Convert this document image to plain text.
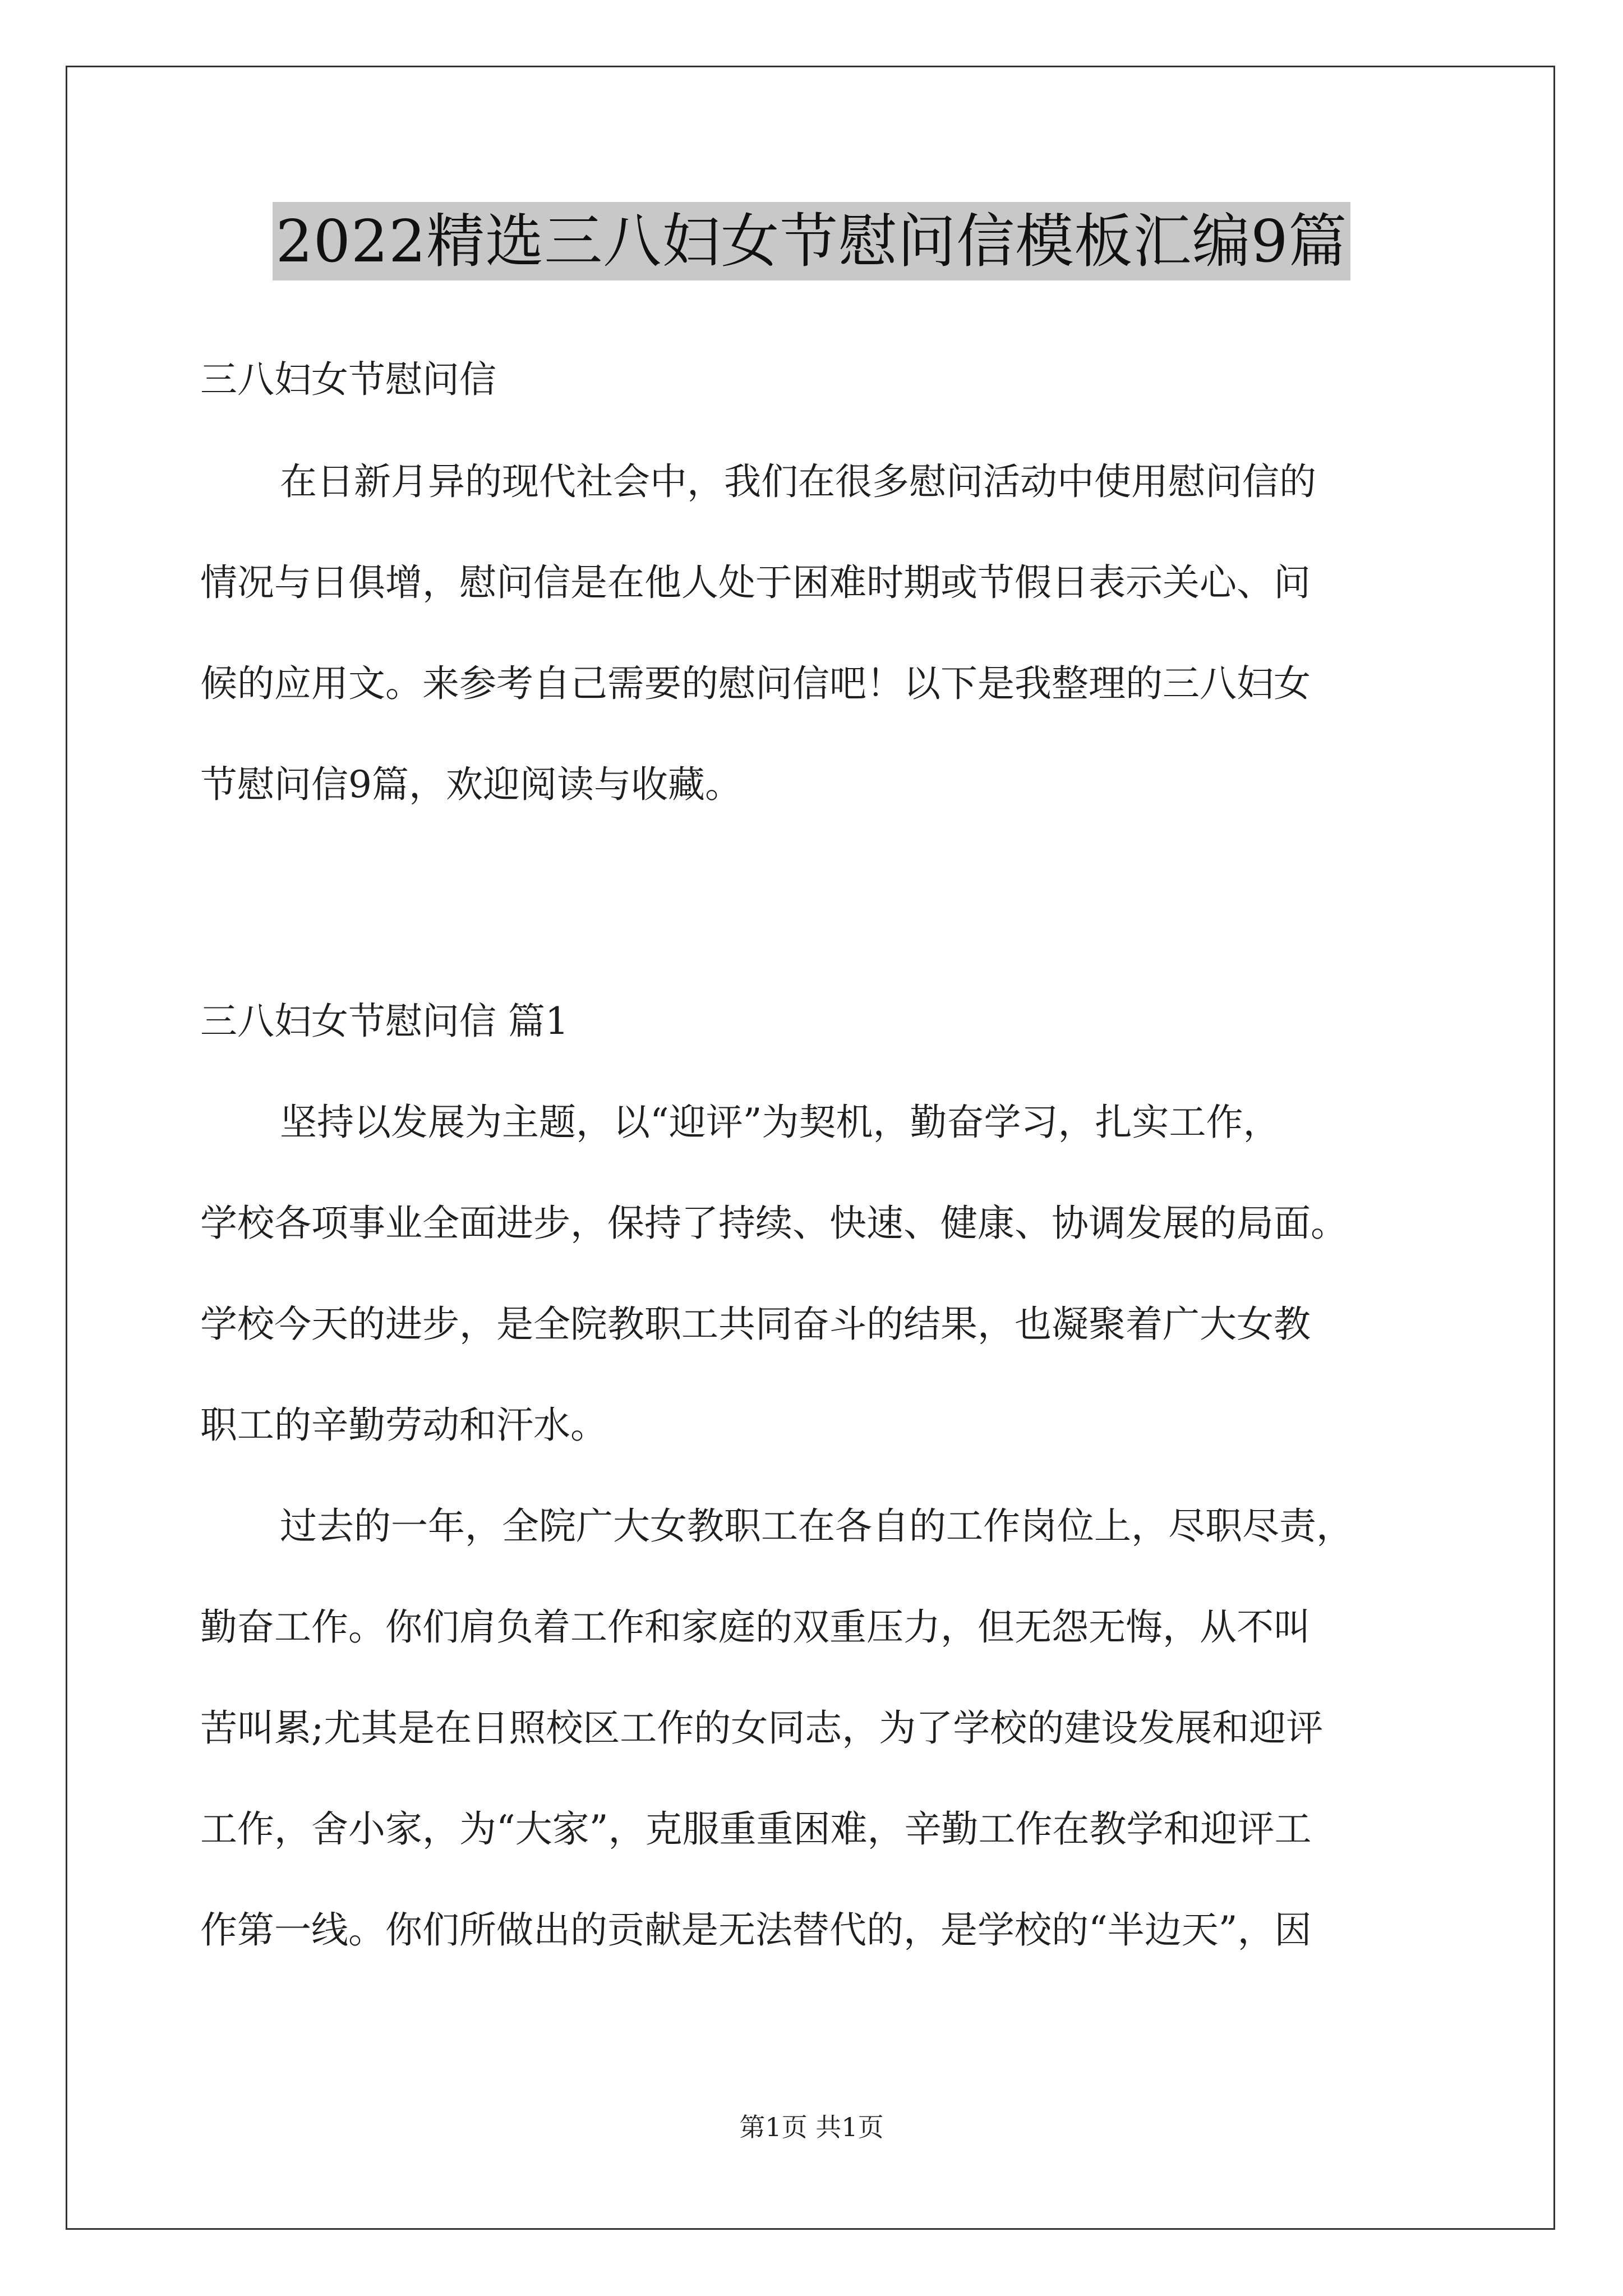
2022精选三八妇女节慰问信模板汇编9篇
三八妇女节慰问信
在日新月异的现代社会中，我们在很多慰问活动中使用慰问信的
情况与日俱增，慰问信是在他人处于困难时期或节假日表示关心、问
候的应用文。来参考自己需要的慰问信吧！以下是我整理的三八妇女
节慰问信9篇，欢迎阅读与收藏。
三八妇女节慰问信 篇1
坚持以发展为主题，以“迎评”为契机，勤奋学习，扎实工作，
学校各项事业全面进步，保持了持续、快速、健康、协调发展的局面。
学校今天的进步，是全院教职工共同奋斗的结果，也凝聚着广大女教
职工的辛勤劳动和汗水。
过去的一年，全院广大女教职工在各自的工作岗位上，尽职尽责，
勤奋工作。你们肩负着工作和家庭的双重压力，但无怨无悔，从不叫
苦叫累;尤其是在日照校区工作的女同志，为了学校的建设发展和迎评
工作，舍小家，为“大家”，克服重重困难，辛勤工作在教学和迎评工
作第一线。你们所做出的贡献是无法替代的，是学校的“半边天”，因
第1页 共1页
